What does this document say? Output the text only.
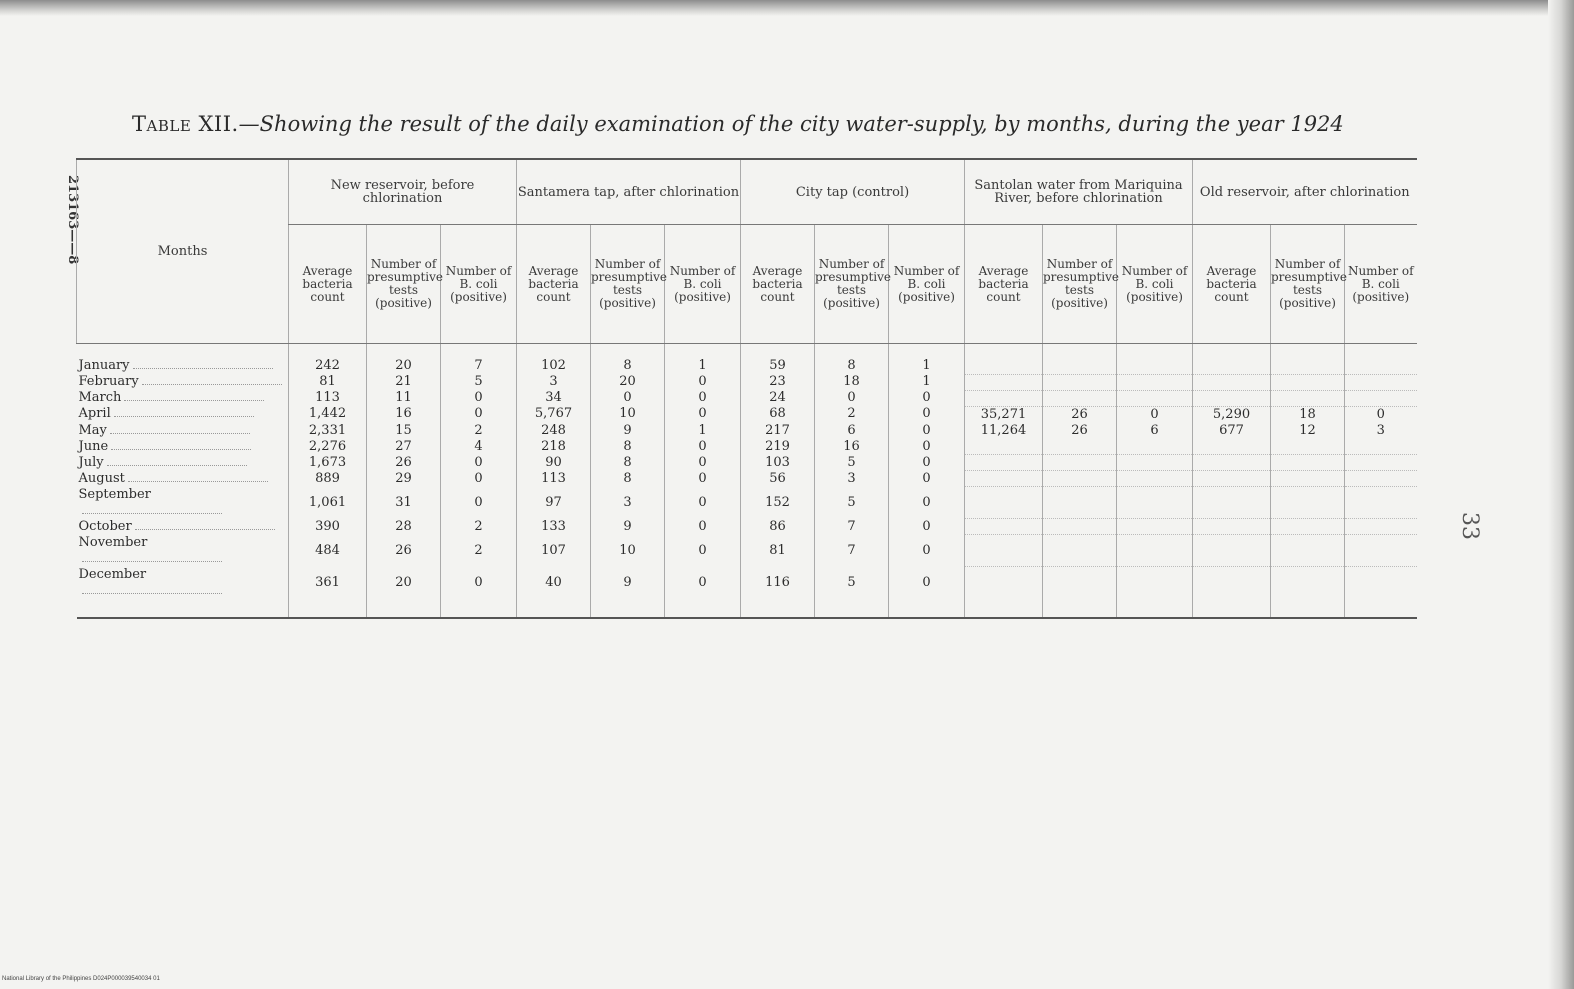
213163——8
Table XII.—Showing the result of the daily examination of the city water-supply, by months, during the year 1924
Months	New reservoir, before chlorination			Santamera tap, after chlorination			City tap (control)			Santolan water from Mariquina River, before chlorination			Old reservoir, after chlorination		
	Average bacteria count	Number of presumptive tests (positive)	Number of B. coli (positive)	Average bacteria count	Number of presumptive tests (positive)	Number of B. coli (positive)	Average bacteria count	Number of presumptive tests (positive)	Number of B. coli (positive)	Average bacteria count	Number of presumptive tests (positive)	Number of B. coli (positive)	Average bacteria count	Number of presumptive tests (positive)	Number of B. coli (positive)
January	242	20	7	102	8	1	59	8	1						
February	81	21	5	3	20	0	23	18	1						
March	113	11	0	34	0	0	24	0	0						
April	1,442	16	0	5,767	10	0	68	2	0	35,271	26	0	5,290	18	0
May	2,331	15	2	248	9	1	217	6	0	11,264	26	6	677	12	3
June	2,276	27	4	218	8	0	219	16	0						
July	1,673	26	0	90	8	0	103	5	0						
August	889	29	0	113	8	0	56	3	0						
September	1,061	31	0	97	3	0	152	5	0						
October	390	28	2	133	9	0	86	7	0						
November	484	26	2	107	10	0	81	7	0						
December	361	20	0	40	9	0	116	5	0						
33
National Library of the Philippines D024P000039540034 01
